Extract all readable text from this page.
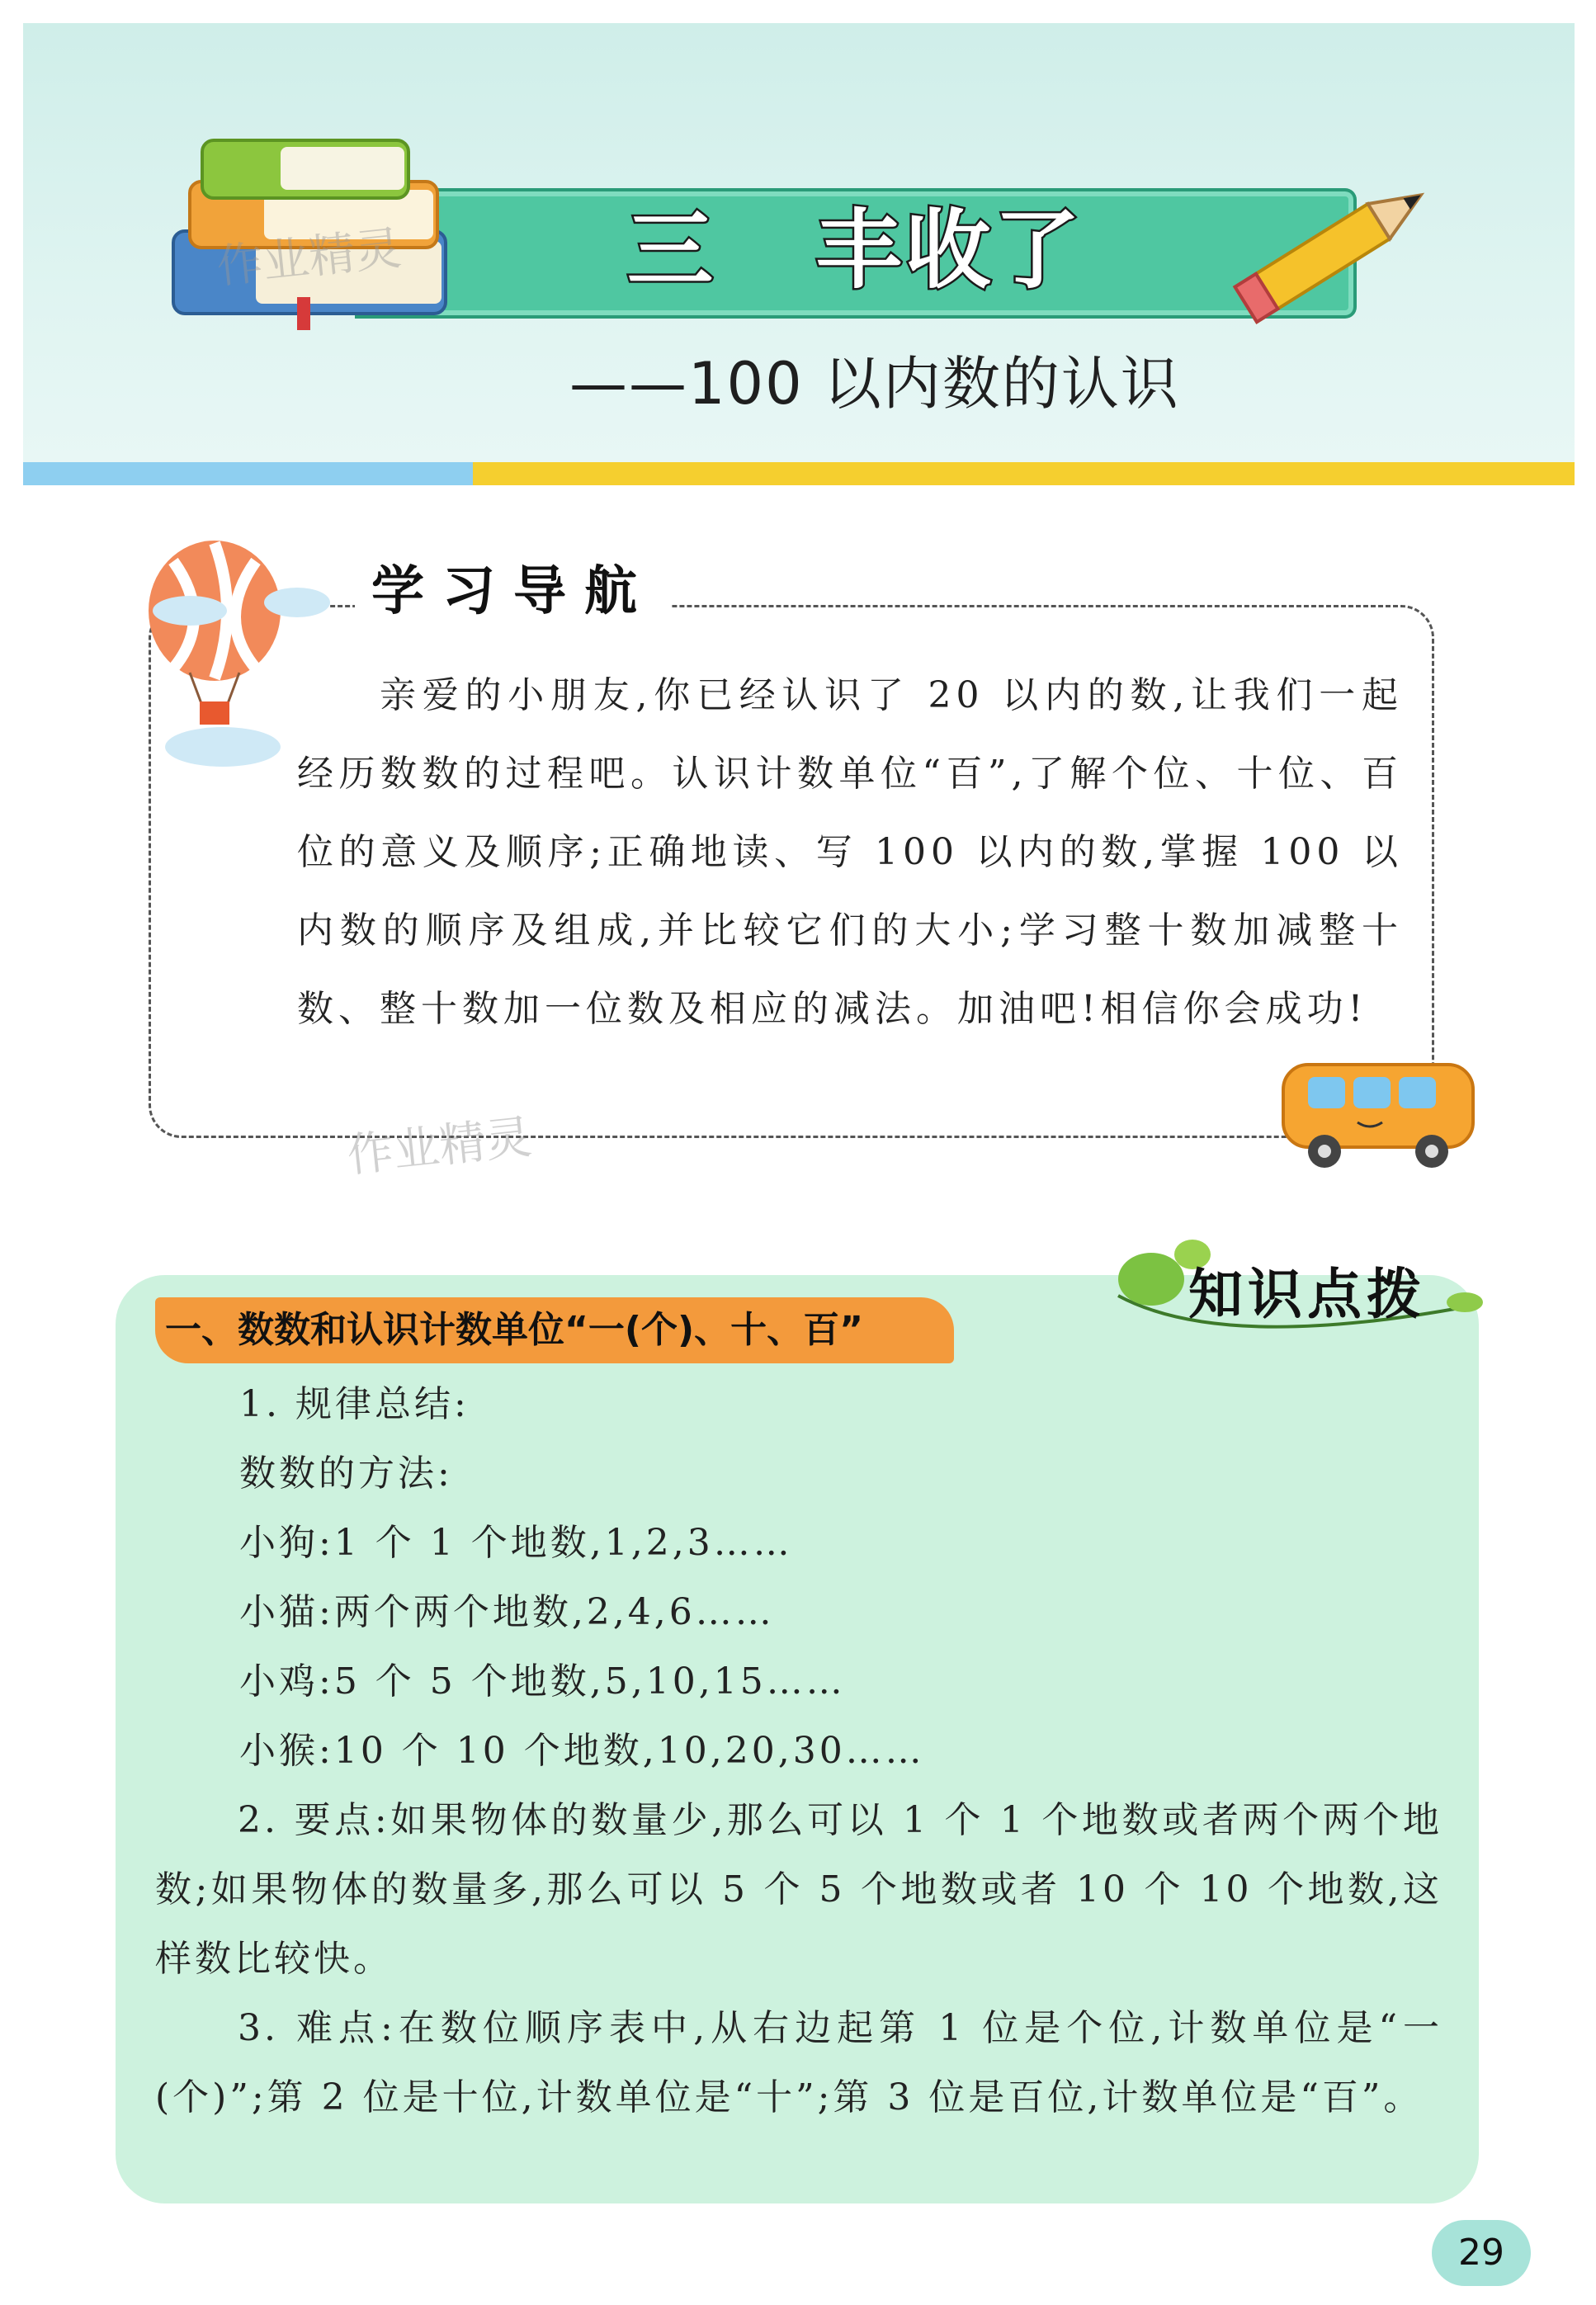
作业精灵	三   丰收了
——100 以内数的认识
学习导航
亲爱的小朋友,你已经认识了 20 以内的数,让我们一起经历数数的过程吧。认识计数单位“百”,了解个位、十位、百位的意义及顺序;正确地读、写 100 以内的数,掌握 100 以内数的顺序及组成,并比较它们的大小;学习整十数加减整十数、整十数加一位数及相应的减法。加油吧!相信你会成功!
作业精灵
知识点拨
一、数数和认识计数单位“一(个)、十、百”
1. 规律总结:
数数的方法:
小狗:1 个 1 个地数,1,2,3……
小猫:两个两个地数,2,4,6……
小鸡:5 个 5 个地数,5,10,15……
小猴:10 个 10 个地数,10,20,30……
2. 要点:如果物体的数量少,那么可以 1 个 1 个地数或者两个两个地数;如果物体的数量多,那么可以 5 个 5 个地数或者 10 个 10 个地数,这样数比较快。
3. 难点:在数位顺序表中,从右边起第 1 位是个位,计数单位是“一(个)”;第 2 位是十位,计数单位是“十”;第 3 位是百位,计数单位是“百”。
29
